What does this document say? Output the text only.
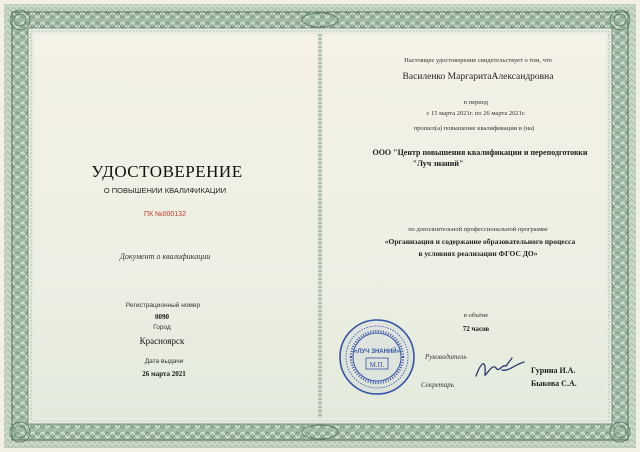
УДОСТОВЕРЕНИЕ
О ПОВЫШЕНИИ КВАЛИФИКАЦИИ
ПК №000132
Документ о квалификации
Регистрационный номер
0090
Город
Красноярск
Дата выдачи
26 марта 2021
Настоящее удостоверение свидетельствует о том, что
Василенко МаргаритаАлександровна
в период
с 15 марта 2021г. по 26 марта 2021г.
прошел(а) повышение квалификации в (на)
ООО "Центр повышения квалификации и переподготовки
"Луч знаний"
по дополнительной профессиональной программе
«Организация и содержание образовательного процесса
в условиях реализации ФГОС ДО»
в объёме
72 часов
Руководитель
Секретарь
Гурина И.А.
Быкова С.А.
«ЛУЧ ЗНАНИЙ»
М.П.
